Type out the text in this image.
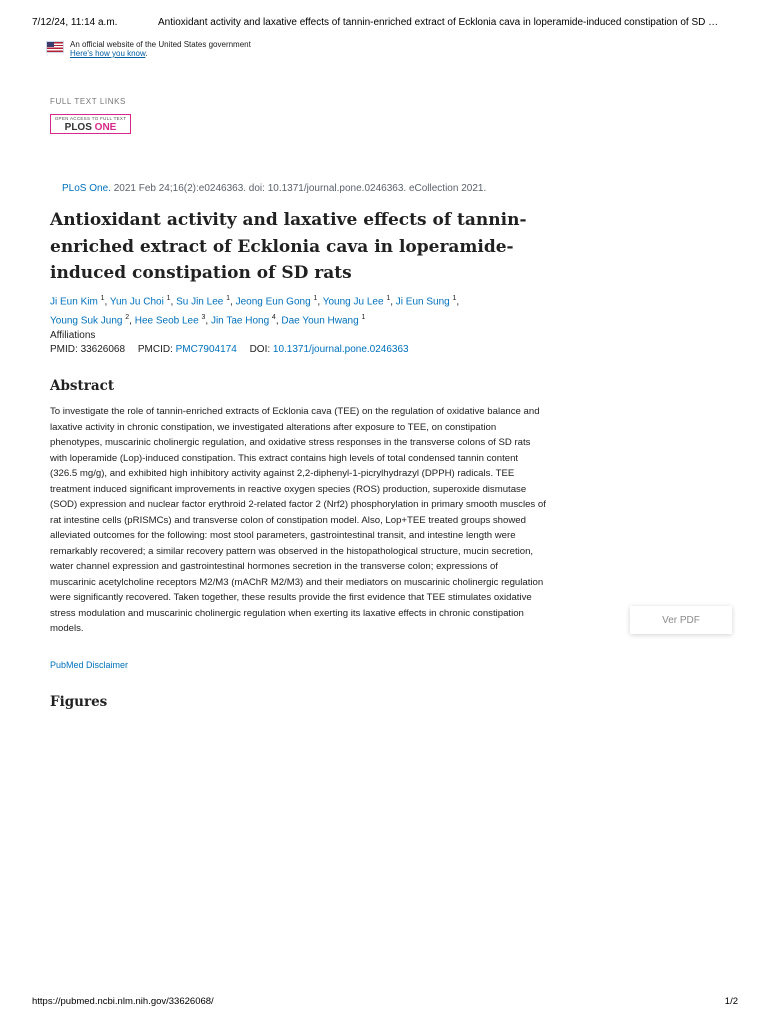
7/12/24, 11:14 a.m.	Antioxidant activity and laxative effects of tannin-enriched extract of Ecklonia cava in loperamide-induced constipation of SD …
An official website of the United States government
Here's how you know.
FULL TEXT LINKS
OPEN ACCESS TO FULL TEXT
PLOS ONE
PLoS One. 2021 Feb 24;16(2):e0246363. doi: 10.1371/journal.pone.0246363. eCollection 2021.
Antioxidant activity and laxative effects of tannin-enriched extract of Ecklonia cava in loperamide-induced constipation of SD rats
Ji Eun Kim $^1$, Yun Ju Choi $^1$, Su Jin Lee $^1$, Jeong Eun Gong $^1$, Young Ju Lee $^1$, Ji Eun Sung $^1$,
Young Suk Jung $^2$, Hee Seob Lee $^3$, Jin Tae Hong $^4$, Dae Youn Hwang $^1$
Affiliations
PMID: 33626068 PMCID: PMC7904174 DOI: 10.1371/journal.pone.0246363
Abstract
To investigate the role of tannin-enriched extracts of Ecklonia cava (TEE) on the regulation of oxidative balance and laxative activity in chronic constipation, we investigated alterations after exposure to TEE, on constipation phenotypes, muscarinic cholinergic regulation, and oxidative stress responses in the transverse colons of SD rats with loperamide (Lop)-induced constipation. This extract contains high levels of total condensed tannin content (326.5 mg/g), and exhibited high inhibitory activity against 2,2-diphenyl-1-picrylhydrazyl (DPPH) radicals. TEE treatment induced significant improvements in reactive oxygen species (ROS) production, superoxide dismutase (SOD) expression and nuclear factor erythroid 2-related factor 2 (Nrf2) phosphorylation in primary smooth muscles of rat intestine cells (pRISMCs) and transverse colon of constipation model. Also, Lop+TEE treated groups showed alleviated outcomes for the following: most stool parameters, gastrointestinal transit, and intestine length were remarkably recovered; a similar recovery pattern was observed in the histopathological structure, mucin secretion, water channel expression and gastrointestinal hormones secretion in the transverse colon; expressions of muscarinic acetylcholine receptors M2/M3 (mAChR M2/M3) and their mediators on muscarinic cholinergic regulation were significantly recovered. Taken together, these results provide the first evidence that TEE stimulates oxidative stress modulation and muscarinic cholinergic regulation when exerting its laxative effects in chronic constipation models.
PubMed Disclaimer
Figures
Ver PDF
https://pubmed.ncbi.nlm.nih.gov/33626068/	1/2
